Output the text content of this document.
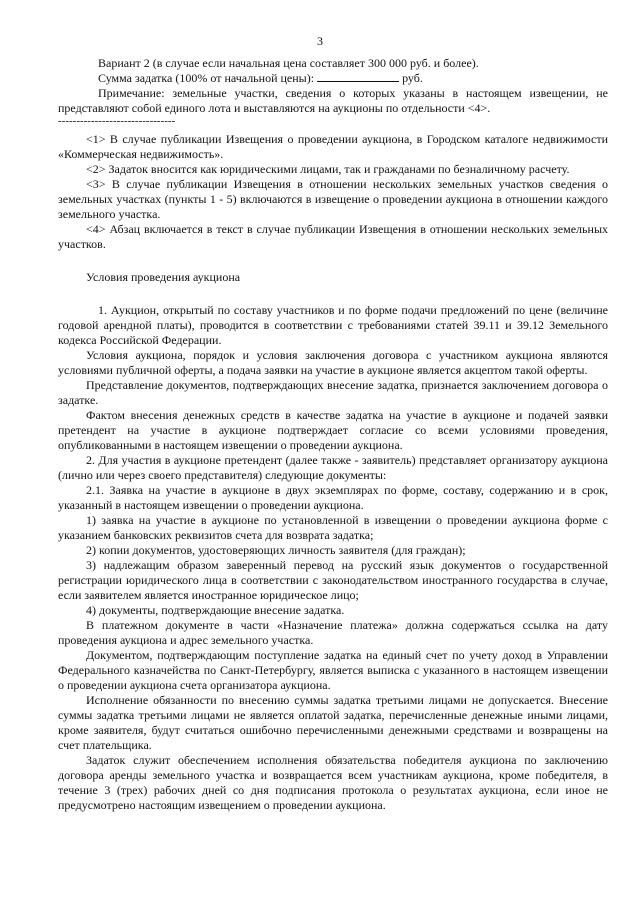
3

Вариант 2 (в случае если начальная цена составляет 300 000 руб. и более).

Сумма задатка (100% от начальной цены):	руб.

Примечание: земельные участки, сведения о которых указаны в настоящем извещении, не представляют собой единого лота и выставляются на аукционы по отдельности <4>.

--------------------------------

<1> В случае публикации Извещения о проведении аукциона, в Городском каталоге недвижимости «Коммерческая недвижимость».

<2> Задаток вносится как юридическими лицами, так и гражданами по безналичному расчету.

<3> В случае публикации Извещения в отношении нескольких земельных участков сведения о земельных участках (пункты 1 - 5) включаются в извещение о проведении аукциона в отношении каждого земельного участка.

<4> Абзац включается в текст в случае публикации Извещения в отношении нескольких земельных участков.

Условия проведения аукциона

1. Аукцион, открытый по составу участников и по форме подачи предложений по цене (величине годовой арендной платы), проводится в соответствии с требованиями статей 39.11 и 39.12 Земельного кодекса Российской Федерации.

Условия аукциона, порядок и условия заключения договора с участником аукциона являются условиями публичной оферты, а подача заявки на участие в аукционе является акцептом такой оферты.

Представление документов, подтверждающих внесение задатка, признается заключением договора о задатке.

Фактом внесения денежных средств в качестве задатка на участие в аукционе и подачей заявки претендент на участие в аукционе подтверждает согласие со всеми условиями проведения, опубликованными в настоящем извещении о проведении аукциона.

2. Для участия в аукционе претендент (далее также - заявитель) представляет организатору аукциона (лично или через своего представителя) следующие документы:

2.1. Заявка на участие в аукционе в двух экземплярах по форме, составу, содержанию и в срок, указанный в настоящем извещении о проведении аукциона.

1) заявка на участие в аукционе по установленной в извещении о проведении аукциона форме с указанием банковских реквизитов счета для возврата задатка;

2) копии документов, удостоверяющих личность заявителя (для граждан);

3) надлежащим образом заверенный перевод на русский язык документов о государственной регистрации юридического лица в соответствии с законодательством иностранного государства в случае, если заявителем является иностранное юридическое лицо;

4) документы, подтверждающие внесение задатка.

В платежном документе в части «Назначение платежа» должна содержаться ссылка на дату проведения аукциона и адрес земельного участка.

Документом, подтверждающим поступление задатка на единый счет по учету доход в Управлении Федерального казначейства по Санкт-Петербургу, является выписка с указанного в настоящем извещении о проведении аукциона счета организатора аукциона.

Исполнение обязанности по внесению суммы задатка третьими лицами не допускается. Внесение суммы задатка третьими лицами не является оплатой задатка, перечисленные денежные иными лицами, кроме заявителя, будут считаться ошибочно перечисленными денежными средствами и возвращены на счет плательщика.

Задаток служит обеспечением исполнения обязательства победителя аукциона по заключению договора аренды земельного участка и возвращается всем участникам аукциона, кроме победителя, в течение 3 (трех) рабочих дней со дня подписания протокола о результатах аукциона, если иное не предусмотрено настоящим извещением о проведении аукциона.
